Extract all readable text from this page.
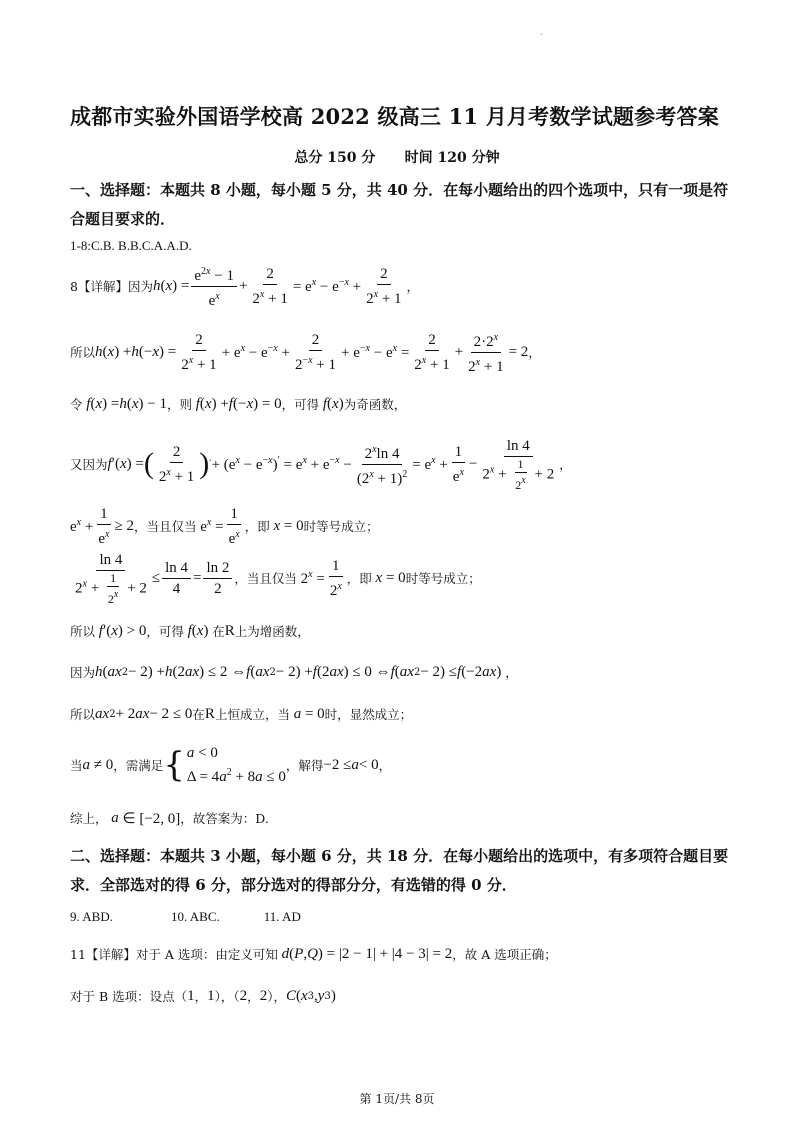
·
成都市实验外国语学校高 2022 级高三 11 月月考数学试题参考答案
总分 150 分      时间 120 分钟
一、选择题：本题共 8 小题，每小题 5 分，共 40 分．在每小题给出的四个选项中，只有一项是符合题目要求的．
1-8:C.B. B.B.C.A.A.D.
8【详解】因为 h ( x ) = $\frac{e^{2x} - 1}{e^x} + \frac{2}{2^x + 1} = e^x - e^{-x} + \frac{2}{2^x + 1}$ ，
所以 h ( x ) + h (− x ) = $\frac{2}{2^x + 1} + e^x - e^{-x} + \frac{2}{2^{-x} + 1} + e^{-x} - e^x = \frac{2}{2^x + 1} + \frac{2\cdot 2^x}{2^x + 1} = 2$ ，
令 f ( x ) = h ( x ) − 1 ，则 f ( x ) + f (− x ) = 0 ，可得 f ( x ) 为奇函数，
又因为 f ′( x ) = ( $\frac{2}{2^x + 1}$ ) ′ + $(e^x - e^{-x})' = e^x + e^{-x} - \frac{2^x\ln 4}{(2^x + 1)^2} = e^x + \frac{1}{e^x} - \frac{\ln 4}{2^x + \frac{1}{2^x} + 2}$ ，
$e^x + \frac{1}{e^x} \ge 2$ ，当且仅当 $e^x = \frac{1}{e^x}$ ，即 x = 0 时等号成立；
$\frac{\ln 4}{2^x + \frac{1}{2^x} + 2} \le \frac{\ln 4}{4} = \frac{\ln 2}{2}$ ，当且仅当 $2^x = \frac{1}{2^x}$ ，即 x = 0 时等号成立；
所以 f ′( x ) > 0 ，可得 f ( x ) 在 R 上为增函数，
因为 h ( ax 2 − 2) + h (2 ax ) ≤ 2 ⇔ f ( ax 2 − 2) + f (2 ax ) ≤ 0 ⇔ f ( ax 2 − 2) ≤ f (−2 ax ) ，
所以 ax 2 + 2 ax − 2 ≤ 0 在 R 上恒成立，当 a = 0 时，显然成立；
当 a ≠ 0 ，需满足 { a < 0
$\Delta = 4a^2 + 8a \le 0$
，解得 −2 ≤ a < 0 ，
综上， a ∈ [−2, 0] ，故答案为：D.
二、选择题：本题共 3 小题，每小题 6 分，共 18 分．在每小题给出的选项中，有多项符合题目要求．全部选对的得 6 分，部分选对的得部分分，有选错的得 0 分．
9. ABD.	10. ABC.	11. AD
11【详解】对于 A 选项：由定义可知 d ( P , Q ) = |2 − 1| + |4 − 3| = 2 ，故 A 选项正确；
对于 B 选项：设点（ 1 ， 1 ），（ 2 ， 2 ）， C ( x 3 , y 3 )
第 1页/共 8页
